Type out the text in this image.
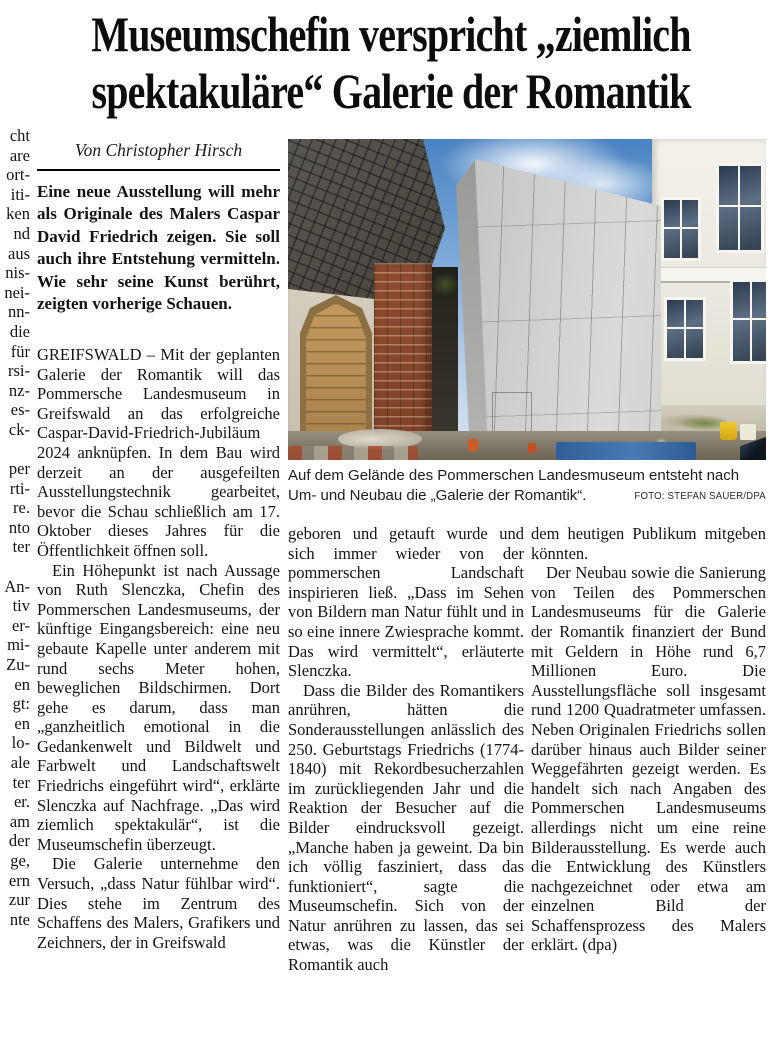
cht
are
ort-
iti-
ken
nd
aus
nis-
nei-
nn-
die
für
rsi-
nz-
es-
ck-

per
rti-
re.
nto
ter

An-
tiv
er-
mi-
Zu-
en
gt:
en
lo-
ale
ter
er.
am
der
ge,
ern
zur
nte
Museumschefin verspricht „ziemlich
spektakuläre“ Galerie der Romantik
Von Christopher Hirsch
Eine neue Ausstellung will mehr als Originale des Malers Caspar David Friedrich zeigen. Sie soll auch ihre Entstehung vermitteln. Wie sehr seine Kunst berührt, zeigten vorherige Schauen.

GREIFSWALD – Mit der geplanten Galerie der Romantik will das Pommersche Landesmuseum in Greifswald an das erfolgreiche Caspar-David-Friedrich-Jubiläum 2024 anknüpfen. In dem Bau wird derzeit an der ausgefeilten Ausstellungstechnik gearbeitet, bevor die Schau schließlich am 17. Oktober dieses Jahres für die Öffentlichkeit öffnen soll.

Ein Höhepunkt ist nach Aussage von Ruth Slenczka, Chefin des Pommerschen Landesmuseums, der künftige Eingangsbereich: eine neu gebaute Kapelle unter anderem mit rund sechs Meter hohen, beweglichen Bildschirmen. Dort gehe es darum, dass man „ganzheitlich emotional in die Gedankenwelt und Bildwelt und Farbwelt und Landschaftswelt Friedrichs eingeführt wird“, erklärte Slenczka auf Nachfrage. „Das wird ziemlich spektakulär“, ist die Museumschefin überzeugt.

Die Galerie unternehme den Versuch, „dass Natur fühlbar wird“. Dies stehe im Zentrum des Schaffens des Malers, Grafikers und Zeichners, der in Greifswald

Auf dem Gelände des Pommerschen Landesmuseum entsteht nach Um- und Neubau die „Galerie der Romantik“.	FOTO: STEFAN SAUER/DPA

geboren und getauft wurde und sich immer wieder von der pommerschen Landschaft inspirieren ließ. „Dass im Sehen von Bildern man Natur fühlt und in so eine innere Zwiesprache kommt. Das wird vermittelt“, erläuterte Slenczka.

Dass die Bilder des Romantikers anrühren, hätten die Sonderausstellungen anlässlich des 250. Geburtstags Friedrichs (1774-1840) mit Rekordbesucherzahlen im zurückliegenden Jahr und die Reaktion der Besucher auf die Bilder eindrucksvoll gezeigt. „Manche haben ja geweint. Da bin ich völlig fasziniert, dass das funktioniert“, sagte die Museumschefin. Sich von der Natur anrühren zu lassen, das sei etwas, was die Künstler der Romantik auch

dem heutigen Publikum mitgeben könnten.

Der Neubau sowie die Sanierung von Teilen des Pommerschen Landesmuseums für die Galerie der Romantik finanziert der Bund mit Geldern in Höhe rund 6,7 Millionen Euro. Die Ausstellungsfläche soll insgesamt rund 1200 Quadratmeter umfassen. Neben Originalen Friedrichs sollen darüber hinaus auch Bilder seiner Weggefährten gezeigt werden. Es handelt sich nach Angaben des Pommerschen Landesmuseums allerdings nicht um eine reine Bilderausstellung. Es werde auch die Entwicklung des Künstlers nachgezeichnet oder etwa am einzelnen Bild der Schaffensprozess des Malers erklärt. (dpa)
